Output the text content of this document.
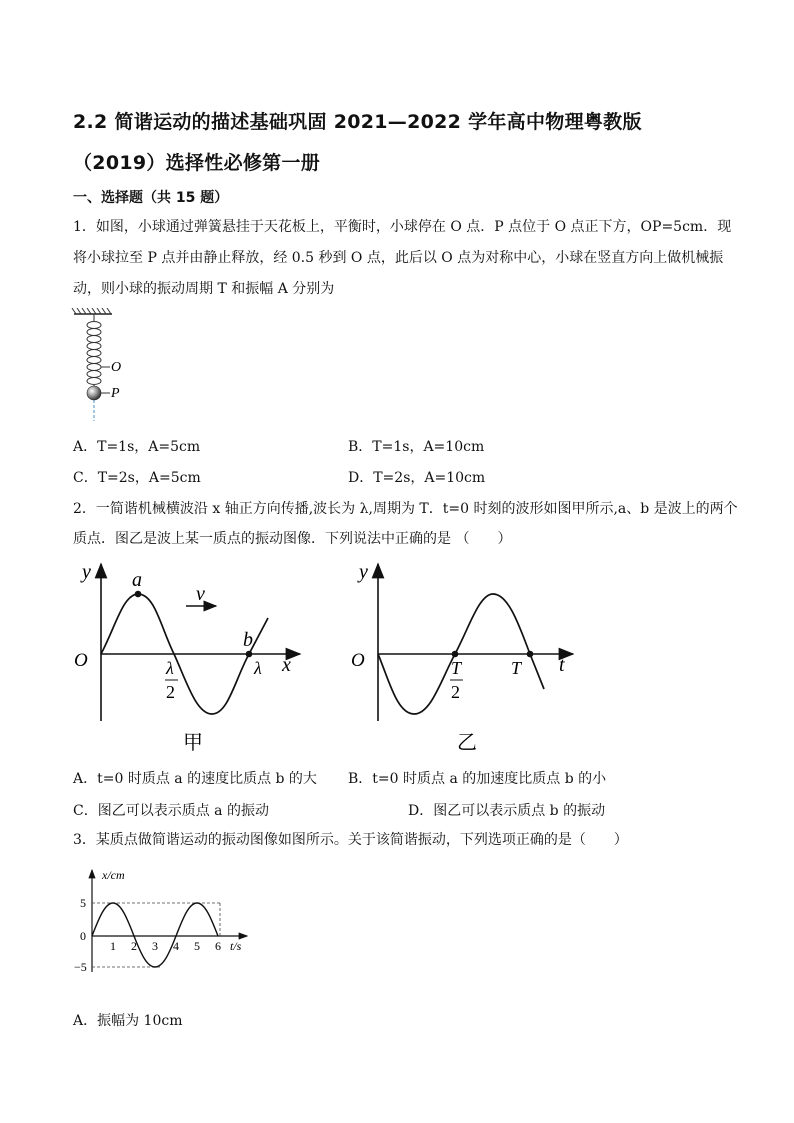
2.2 简谐运动的描述基础巩固 2021—2022 学年高中物理粤教版
（2019）选择性必修第一册
一、选择题（共 15 题）
1．如图，小球通过弹簧悬挂于天花板上，平衡时，小球停在 O 点．P 点位于 O 点正下方，OP=5cm．现
将小球拉至 P 点并由静止释放，经 0.5 秒到 O 点，此后以 O 点为对称中心，小球在竖直方向上做机械振
动，则小球的振动周期 T 和振幅 A 分别为
O
P
A．T=1s，A=5cm	B．T=1s，A=10cm
C．T=2s，A=5cm	D．T=2s，A=10cm
2．一简谐机械横波沿 x 轴正方向传播,波长为 λ,周期为 T．t=0 时刻的波形如图甲所示,a、b 是波上的两个
质点．图乙是波上某一质点的振动图像．下列说法中正确的是 （　　）
y
O
a
b
v
λ
2
λ x
甲
y
O	T
2
T t
乙
A．t=0 时质点 a 的速度比质点 b 的大 B．t=0 时质点 a 的加速度比质点 b 的小
C．图乙可以表示质点 a 的振动	D．图乙可以表示质点 b 的振动
3．某质点做简谐运动的振动图像如图所示。关于该简谐振动，下列选项正确的是（　　）
x/cm
5
0
−5
1 2 3 4 5 6 t/s
A．振幅为 10cm
